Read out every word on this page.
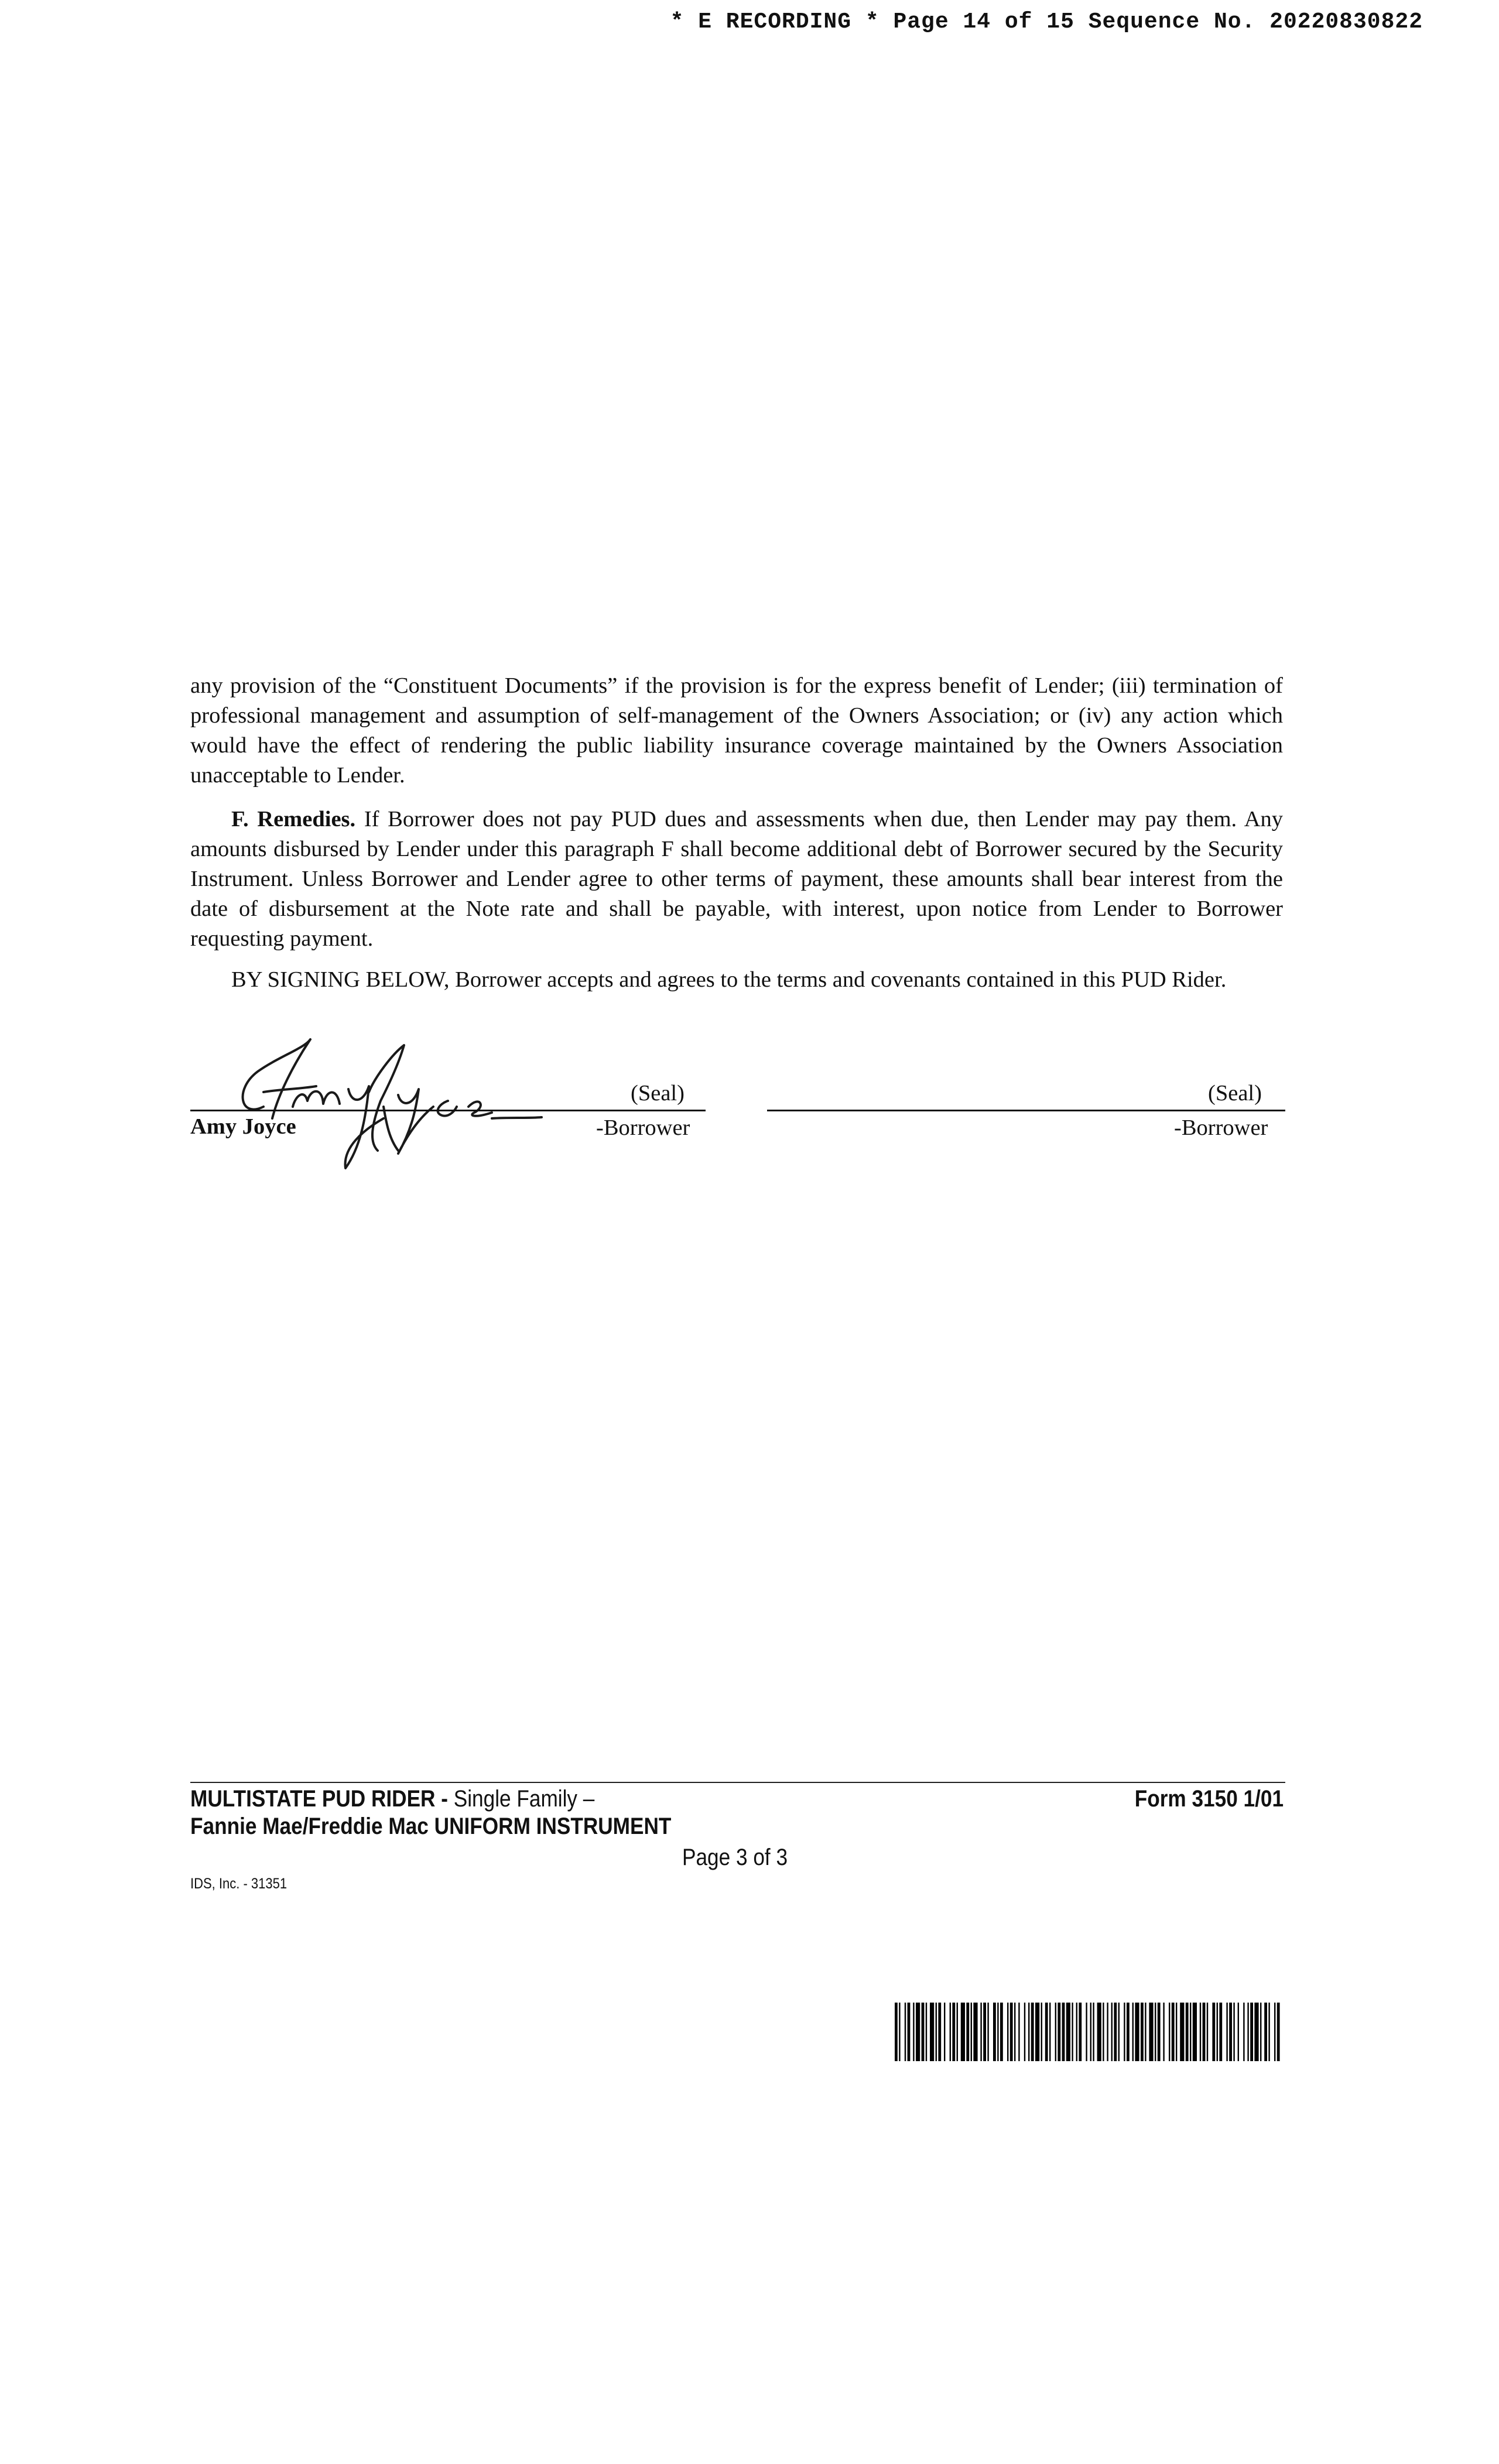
* E RECORDING * Page 14 of 15 Sequence No. 20220830822

any provision of the “Constituent Documents” if the provision is for the express benefit of Lender; (iii) termination of professional management and assumption of self-management of the Owners Association; or (iv) any action which would have the effect of rendering the public liability insurance coverage maintained by the Owners Association unacceptable to Lender.

F. Remedies. If Borrower does not pay PUD dues and assessments when due, then Lender may pay them. Any amounts disbursed by Lender under this paragraph F shall become additional debt of Borrower secured by the Security Instrument. Unless Borrower and Lender agree to other terms of payment, these amounts shall bear interest from the date of disbursement at the Note rate and shall be payable, with interest, upon notice from Lender to Borrower requesting payment.

BY SIGNING BELOW, Borrower accepts and agrees to the terms and covenants contained in this PUD Rider.

(Seal)
Amy Joyce	-Borrower
(Seal)
-Borrower
MULTISTATE PUD RIDER - Single Family –
Fannie Mae/Freddie Mac UNIFORM INSTRUMENT
Form 3150 1/01
Page 3 of 3
IDS, Inc. - 31351
